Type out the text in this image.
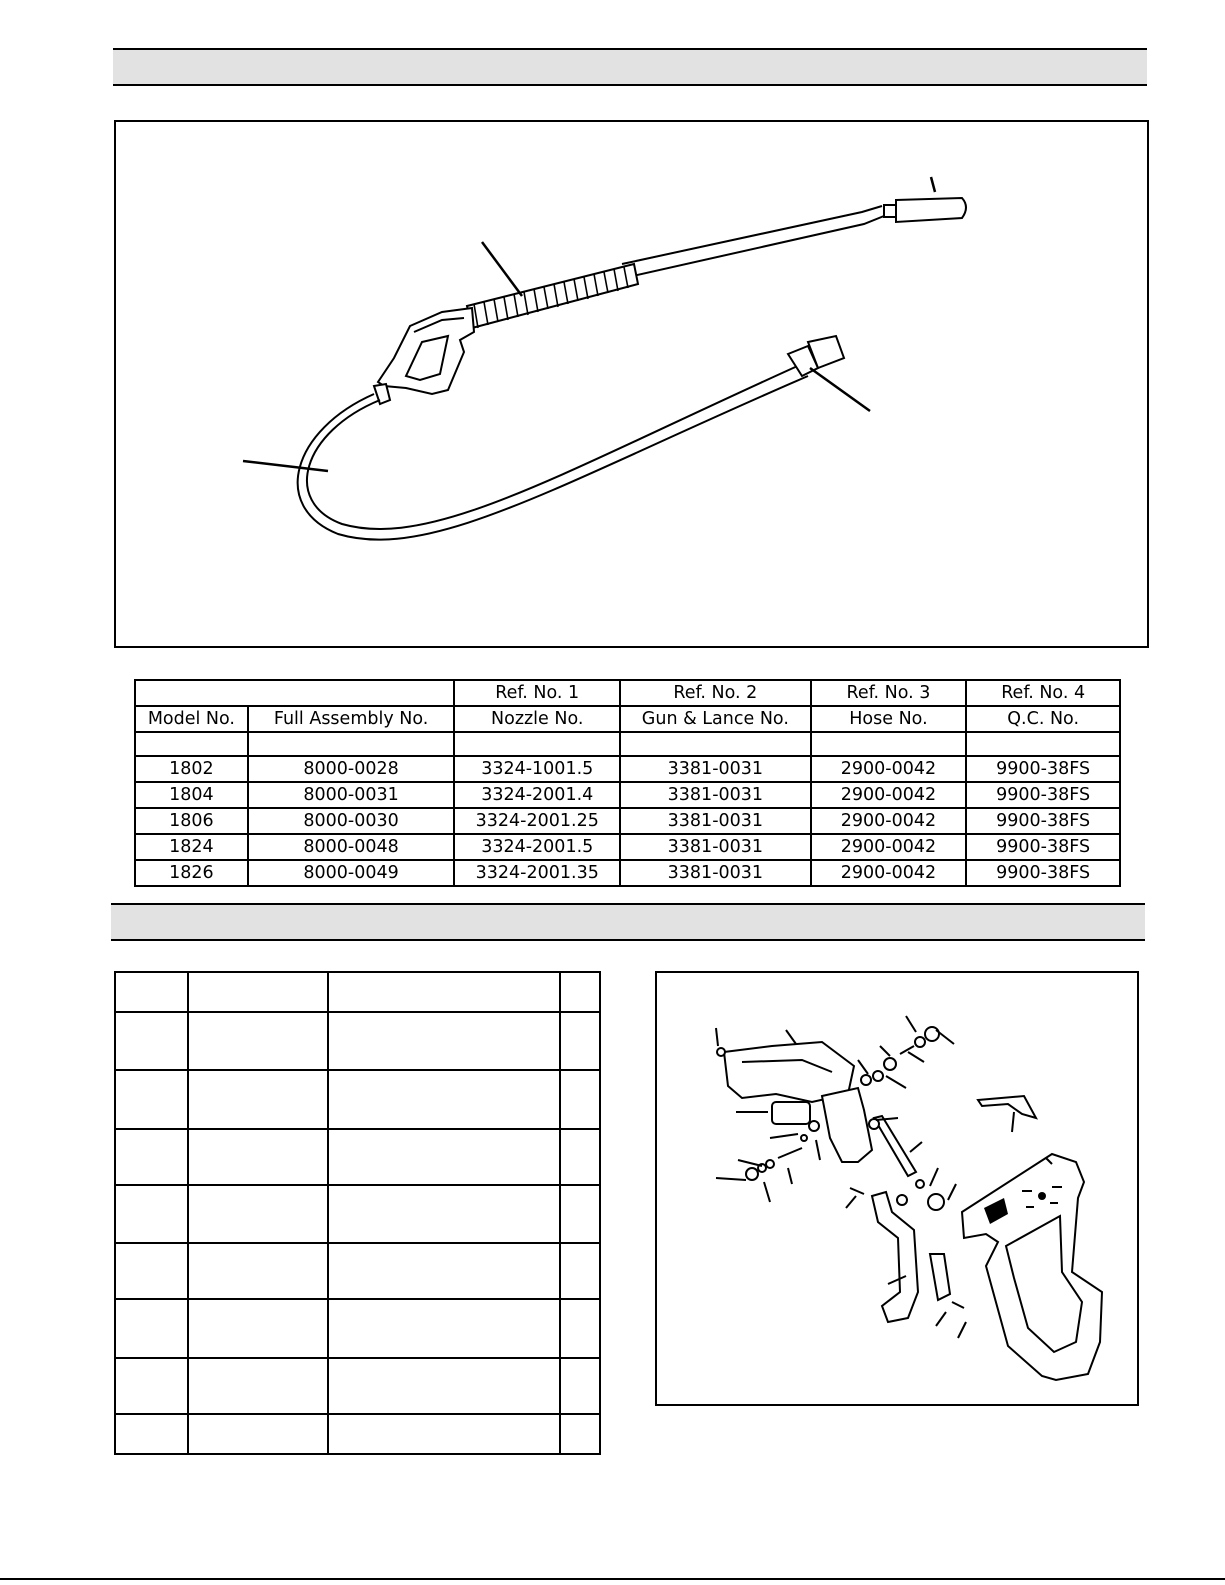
		Ref. No. 1	Ref. No. 2	Ref. No. 3	Ref. No. 4
Model No.	Full Assembly No.	Nozzle No.	Gun & Lance No.	Hose No.	Q.C. No.

1802	8000-0028	3324-1001.5	3381-0031	2900-0042	9900-38FS
1804	8000-0031	3324-2001.4	3381-0031	2900-0042	9900-38FS
1806	8000-0030	3324-2001.25	3381-0031	2900-0042	9900-38FS
1824	8000-0048	3324-2001.5	3381-0031	2900-0042	9900-38FS
1826	8000-0049	3324-2001.35	3381-0031	2900-0042	9900-38FS
